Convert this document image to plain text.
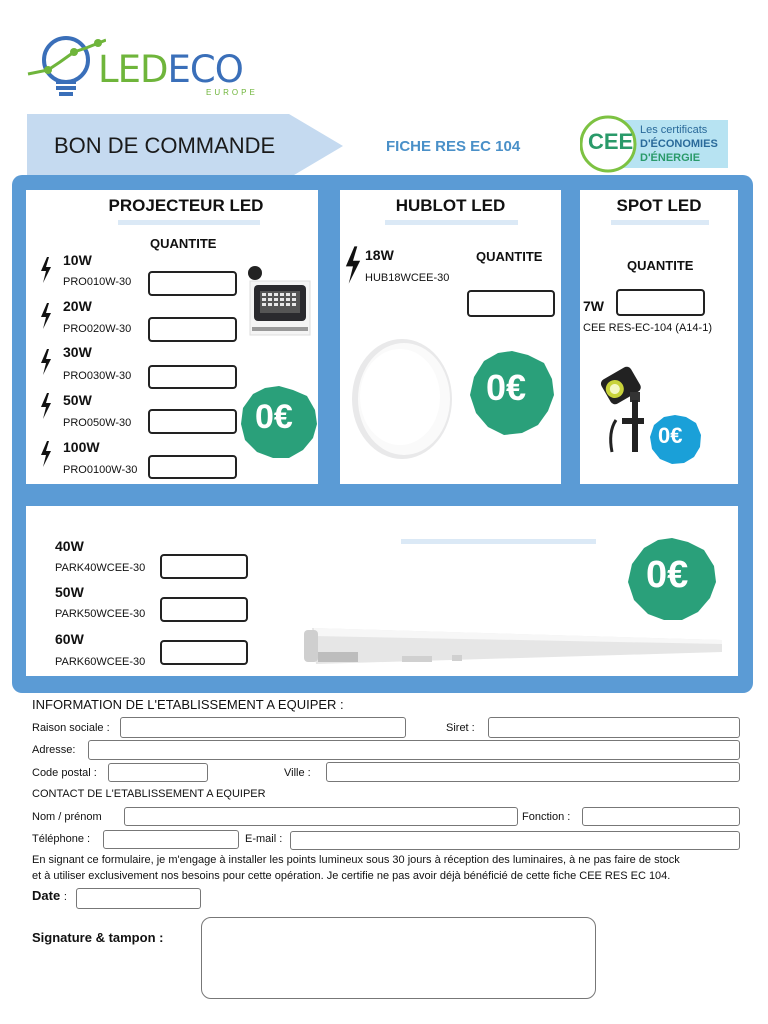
LEDECO
EUROPE
BON DE COMMANDE	FICHE RES EC 104	CEE Les certificats
D'ÉCONOMIES
D'ÉNERGIE
PROJECTEUR LED
QUANTITE
10W
PRO010W-30
20W
PRO020W-30
30W
PRO030W-30
50W
PRO050W-30
100W
PRO0100W-30
HUBLOT LED
18W
HUB18WCEE-30
QUANTITE
SPOT LED
QUANTITE
7W
CEE RES-EC-104 (A14-1)
40W
PARK40WCEE-30
50W
PARK50WCEE-30
60W
PARK60WCEE-30
0€
0€
0€
0€
INFORMATION DE L'ETABLISSEMENT A EQUIPER :
Raison sociale :	Siret :
Adresse:
Code postal :	Ville :
CONTACT DE L'ETABLISSEMENT A EQUIPER
Nom / prénom	Fonction :
Téléphone :	E-mail :
En signant ce formulaire, je m'engage à installer les points lumineux sous 30 jours à réception des luminaires, à ne pas faire de stock
et à utiliser exclusivement nos besoins pour cette opération. Je certifie ne pas avoir déjà bénéficié de cette fiche CEE RES EC 104.
Date :
Signature & tampon :
